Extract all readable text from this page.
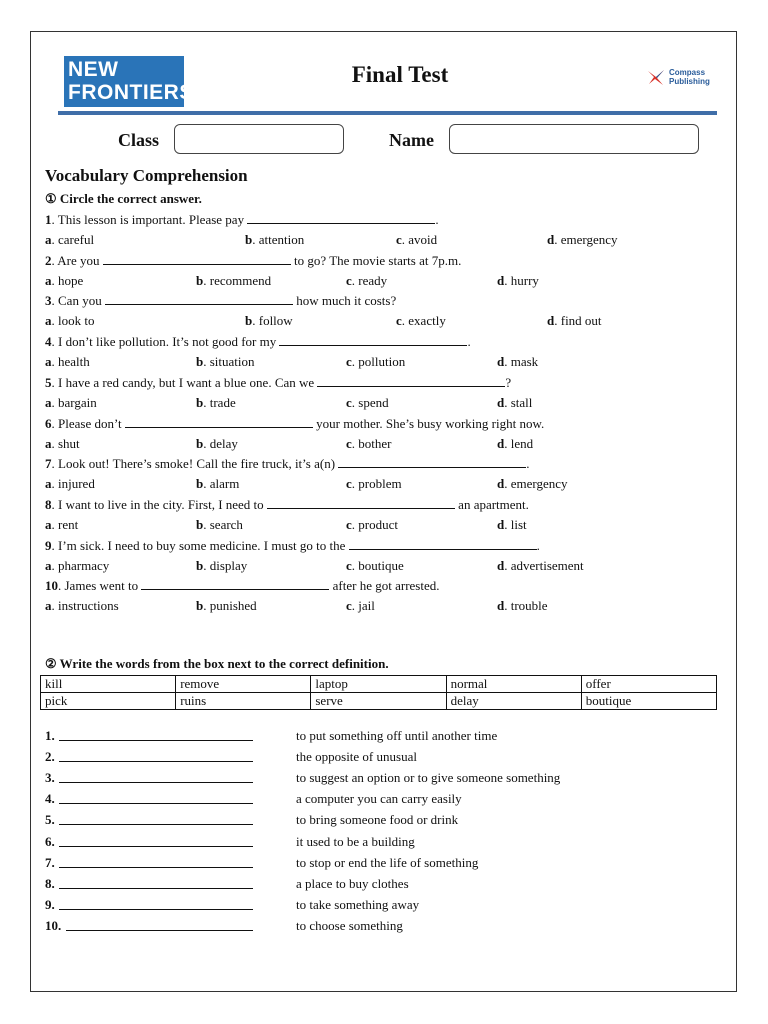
NEW
FRONTIERS
Final Test	Compass
Publishing
Class	Name
Vocabulary Comprehension
① Circle the correct answer.
1. This lesson is important. Please pay	.
a. careful	b. attention	c. avoid	d. emergency
2. Are you	to go? The movie starts at 7p.m.
a. hope	b. recommend	c. ready	d. hurry
3. Can you	how much it costs?
a. look to	b. follow	c. exactly	d. find out
4. I don’t like pollution. It’s not good for my	.
a. health	b. situation	c. pollution	d. mask
5. I have a red candy, but I want a blue one. Can we	?
a. bargain	b. trade	c. spend	d. stall
6. Please don’t	your mother. She’s busy working right now.
a. shut	b. delay	c. bother	d. lend
7. Look out! There’s smoke! Call the fire truck, it’s a(n)	.
a. injured	b. alarm	c. problem	d. emergency
8. I want to live in the city. First, I need to	an apartment.
a. rent	b. search	c. product	d. list
9. I’m sick. I need to buy some medicine. I must go to the	.
a. pharmacy	b. display	c. boutique	d. advertisement
10. James went to	after he got arrested.
a. instructions	b. punished	c. jail	d. trouble
② Write the words from the box next to the correct definition.
kill	remove	laptop	normal	offer
pick	ruins	serve	delay	boutique
1.	to put something off until another time
2.	the opposite of unusual
3.	to suggest an option or to give someone something
4.	a computer you can carry easily
5.	to bring someone food or drink
6.	it used to be a building
7.	to stop or end the life of something
8.	a place to buy clothes
9.	to take something away
10.	to choose something
